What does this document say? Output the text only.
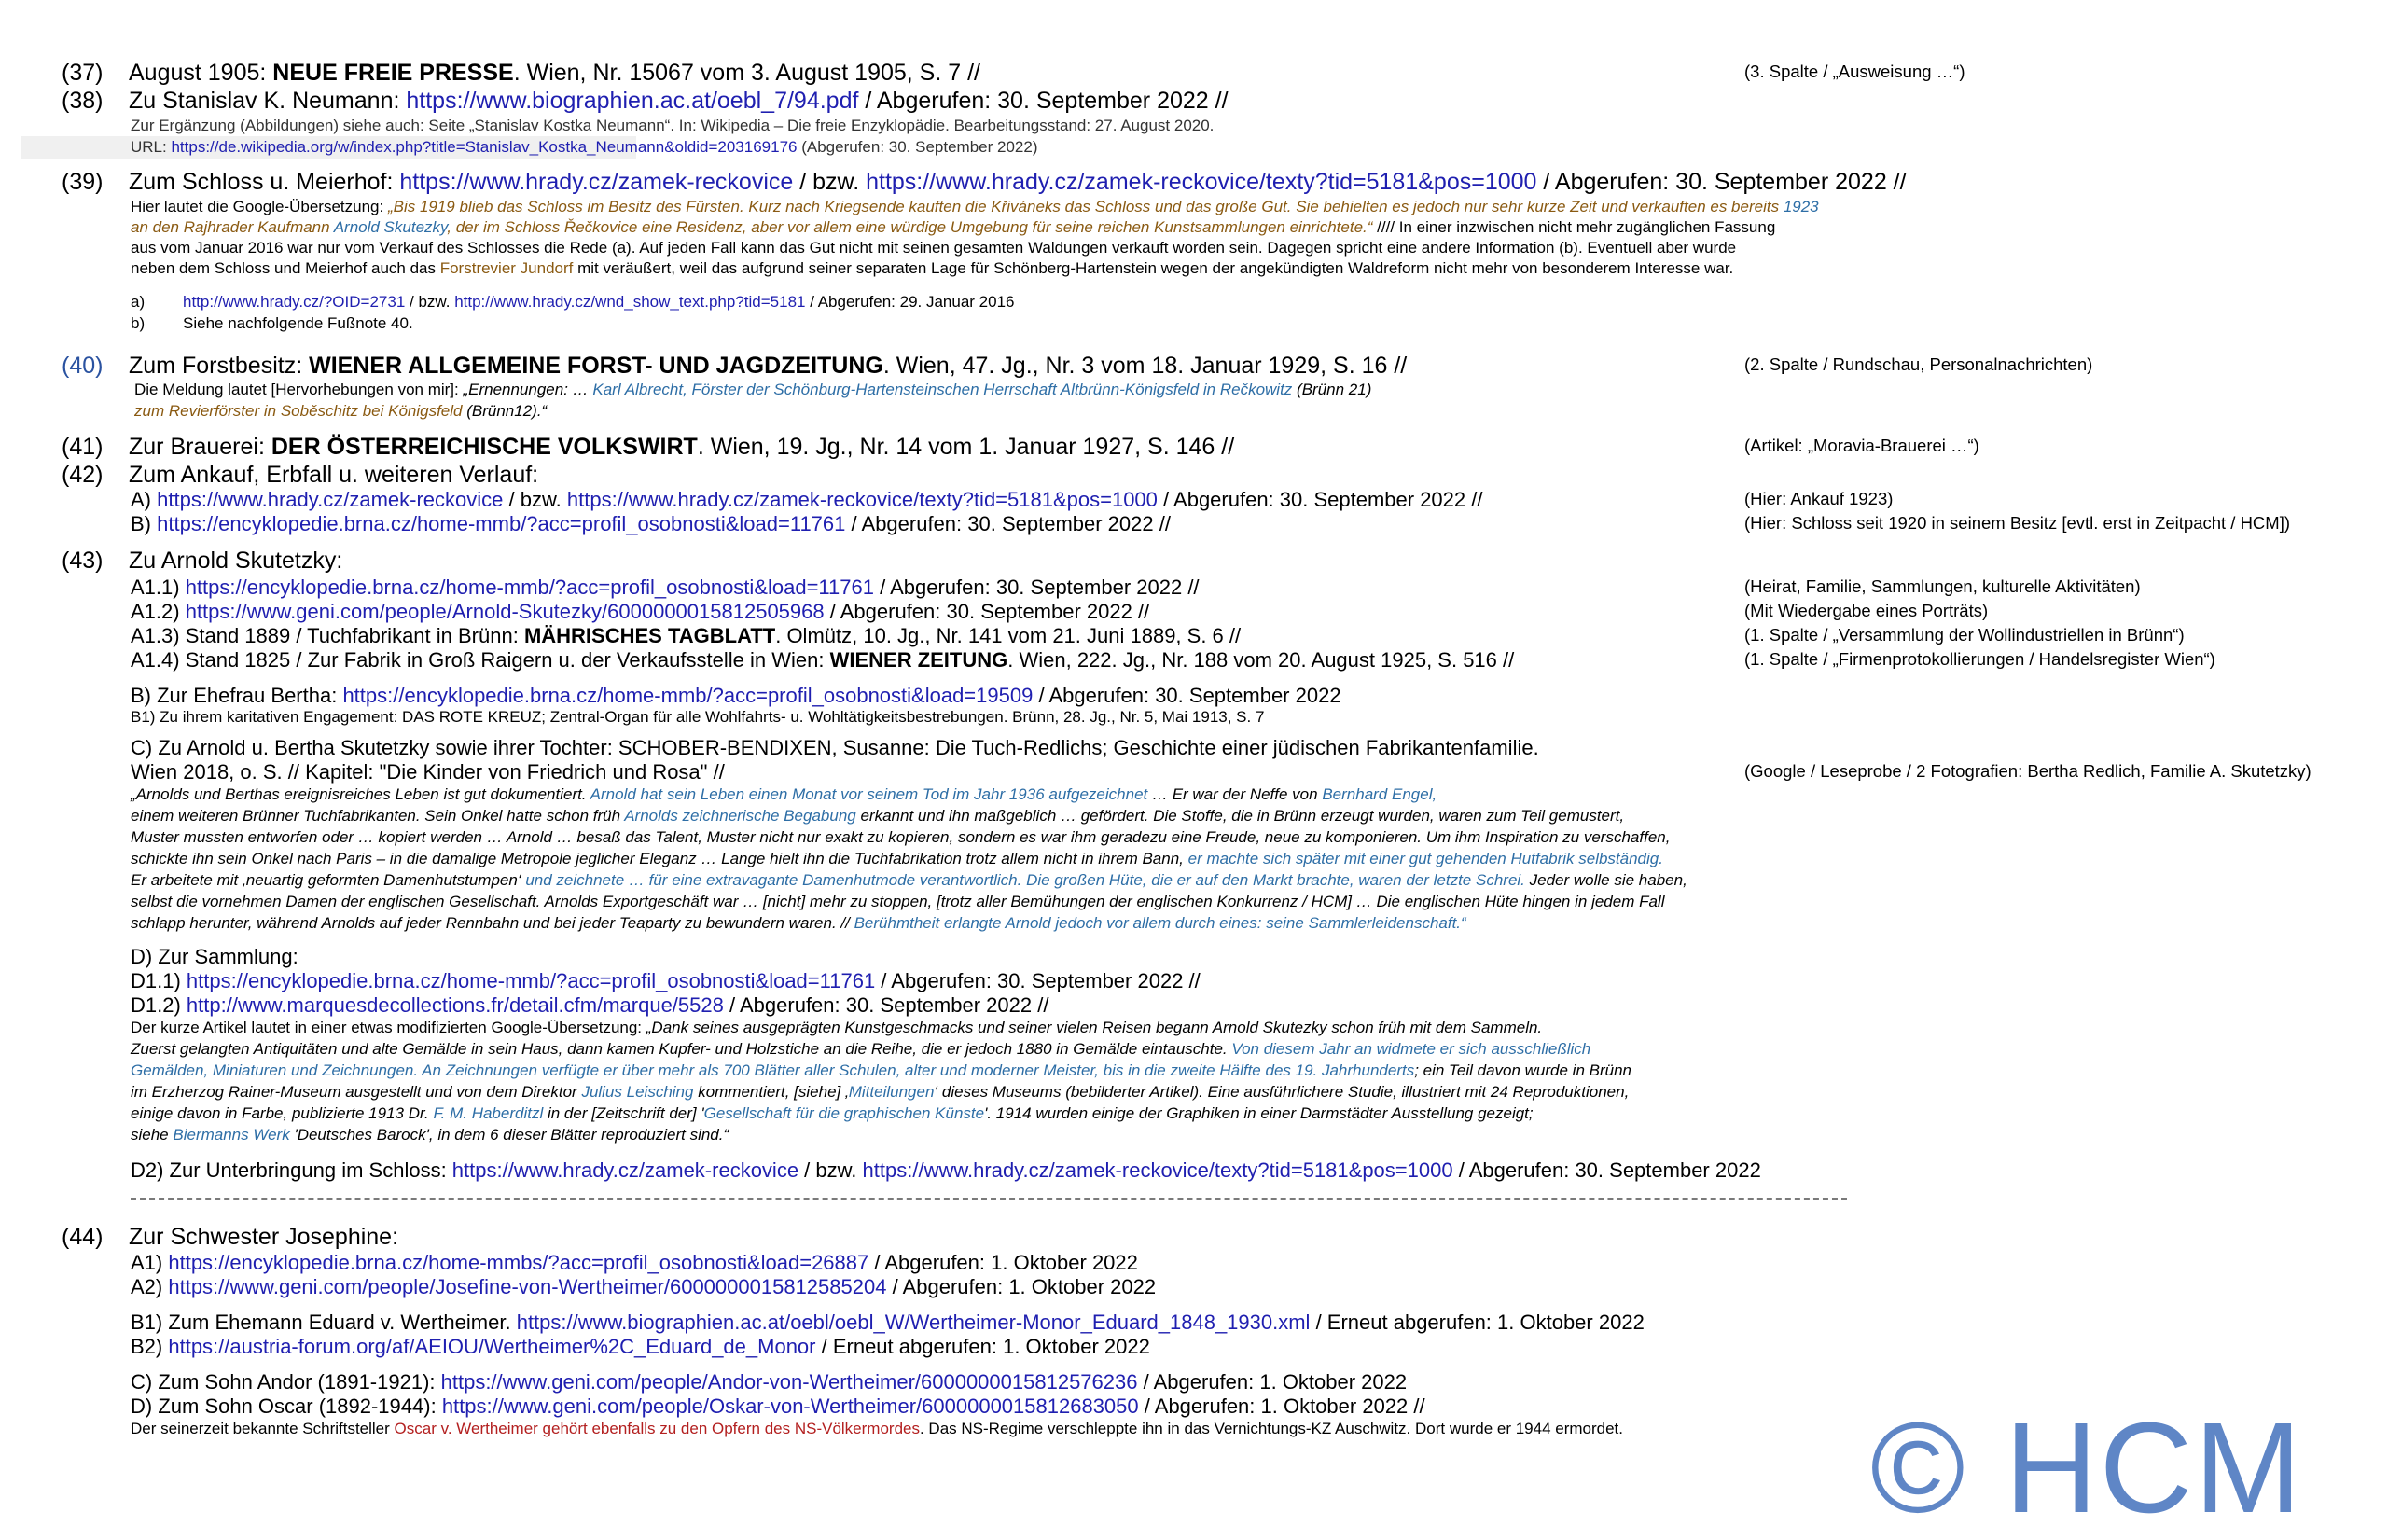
(37) August 1905: NEUE FREIE PRESSE. Wien, Nr. 15067 vom 3. August 1905, S. 7 //	(3. Spalte / „Ausweisung …“)
(38) Zu Stanislav K. Neumann: https://www.biographien.ac.at/oebl_7/94.pdf / Abgerufen: 30. September 2022 //
Zur Ergänzung (Abbildungen) siehe auch: Seite „Stanislav Kostka Neumann“. In: Wikipedia – Die freie Enzyklopädie. Bearbeitungsstand: 27. August 2020.
URL: https://de.wikipedia.org/w/index.php?title=Stanislav_Kostka_Neumann&oldid=203169176 (Abgerufen: 30. September 2022)
(39) Zum Schloss u. Meierhof: https://www.hrady.cz/zamek-reckovice / bzw. https://www.hrady.cz/zamek-reckovice/texty?tid=5181&pos=1000 / Abgerufen: 30. September 2022 //
Hier lautet die Google-Übersetzung: „Bis 1919 blieb das Schloss im Besitz des Fürsten. Kurz nach Kriegsende kauften die Křiváneks das Schloss und das große Gut. Sie behielten es jedoch nur sehr kurze Zeit und verkauften es bereits 1923
an den Rajhrader Kaufmann Arnold Skutezky, der im Schloss Řečkovice eine Residenz, aber vor allem eine würdige Umgebung für seine reichen Kunstsammlungen einrichtete.“ //// In einer inzwischen nicht mehr zugänglichen Fassung
aus vom Januar 2016 war nur vom Verkauf des Schlosses die Rede (a). Auf jeden Fall kann das Gut nicht mit seinen gesamten Waldungen verkauft worden sein. Dagegen spricht eine andere Information (b). Eventuell aber wurde
neben dem Schloss und Meierhof auch das Forstrevier Jundorf mit veräußert, weil das aufgrund seiner separaten Lage für Schönberg-Hartenstein wegen der angekündigten Waldreform nicht mehr von besonderem Interesse war.
a) http://www.hrady.cz/?OID=2731 / bzw. http://www.hrady.cz/wnd_show_text.php?tid=5181 / Abgerufen: 29. Januar 2016
b) Siehe nachfolgende Fußnote 40.
(40) Zum Forstbesitz: WIENER ALLGEMEINE FORST- UND JAGDZEITUNG. Wien, 47. Jg., Nr. 3 vom 18. Januar 1929, S. 16 //	(2. Spalte / Rundschau, Personalnachrichten)
Die Meldung lautet [Hervorhebungen von mir]: „Ernennungen: … Karl Albrecht, Förster der Schönburg-Hartensteinschen Herrschaft Altbrünn-Königsfeld in Rečkowitz (Brünn 21)
zum Revierförster in Soběschitz bei Königsfeld (Brünn12).“
(41) Zur Brauerei: DER ÖSTERREICHISCHE VOLKSWIRT. Wien, 19. Jg., Nr. 14 vom 1. Januar 1927, S. 146 //	(Artikel: „Moravia-Brauerei …“)
(42) Zum Ankauf, Erbfall u. weiteren Verlauf:
A) https://www.hrady.cz/zamek-reckovice / bzw. https://www.hrady.cz/zamek-reckovice/texty?tid=5181&pos=1000 / Abgerufen: 30. September 2022 //	(Hier: Ankauf 1923)
B) https://encyklopedie.brna.cz/home-mmb/?acc=profil_osobnosti&load=11761 / Abgerufen: 30. September 2022 //	(Hier: Schloss seit 1920 in seinem Besitz [evtl. erst in Zeitpacht / HCM])
(43) Zu Arnold Skutetzky:
A1.1) https://encyklopedie.brna.cz/home-mmb/?acc=profil_osobnosti&load=11761 / Abgerufen: 30. September 2022 //	(Heirat, Familie, Sammlungen, kulturelle Aktivitäten)
A1.2) https://www.geni.com/people/Arnold-Skutezky/6000000015812505968 / Abgerufen: 30. September 2022 //	(Mit Wiedergabe eines Porträts)
A1.3) Stand 1889 / Tuchfabrikant in Brünn: MÄHRISCHES TAGBLATT. Olmütz, 10. Jg., Nr. 141 vom 21. Juni 1889, S. 6 //	(1. Spalte / „Versammlung der Wollindustriellen in Brünn“)
A1.4) Stand 1825 / Zur Fabrik in Groß Raigern u. der Verkaufsstelle in Wien: WIENER ZEITUNG. Wien, 222. Jg., Nr. 188 vom 20. August 1925, S. 516 //	(1. Spalte / „Firmenprotokollierungen / Handelsregister Wien“)
B) Zur Ehefrau Bertha: https://encyklopedie.brna.cz/home-mmb/?acc=profil_osobnosti&load=19509 / Abgerufen: 30. September 2022
B1) Zu ihrem karitativen Engagement: DAS ROTE KREUZ; Zentral-Organ für alle Wohlfahrts- u. Wohltätigkeitsbestrebungen. Brünn, 28. Jg., Nr. 5, Mai 1913, S. 7
C) Zu Arnold u. Bertha Skutetzky sowie ihrer Tochter: SCHOBER-BENDIXEN, Susanne: Die Tuch-Redlichs; Geschichte einer jüdischen Fabrikantenfamilie.
Wien 2018, o. S. // Kapitel: "Die Kinder von Friedrich und Rosa" //	(Google / Leseprobe / 2 Fotografien: Bertha Redlich, Familie A. Skutetzky)
„Arnolds und Berthas ereignisreiches Leben ist gut dokumentiert. Arnold hat sein Leben einen Monat vor seinem Tod im Jahr 1936 aufgezeichnet … Er war der Neffe von Bernhard Engel,
einem weiteren Brünner Tuchfabrikanten. Sein Onkel hatte schon früh Arnolds zeichnerische Begabung erkannt und ihn maßgeblich … gefördert. Die Stoffe, die in Brünn erzeugt wurden, waren zum Teil gemustert,
Muster mussten entworfen oder … kopiert werden … Arnold … besaß das Talent, Muster nicht nur exakt zu kopieren, sondern es war ihm geradezu eine Freude, neue zu komponieren. Um ihm Inspiration zu verschaffen,
schickte ihn sein Onkel nach Paris – in die damalige Metropole jeglicher Eleganz … Lange hielt ihn die Tuchfabrikation trotz allem nicht in ihrem Bann, er machte sich später mit einer gut gehenden Hutfabrik selbständig.
Er arbeitete mit ‚neuartig geformten Damenhutstumpen‘ und zeichnete … für eine extravagante Damenhutmode verantwortlich. Die großen Hüte, die er auf den Markt brachte, waren der letzte Schrei. Jeder wolle sie haben,
selbst die vornehmen Damen der englischen Gesellschaft. Arnolds Exportgeschäft war … [nicht] mehr zu stoppen, [trotz aller Bemühungen der englischen Konkurrenz / HCM] … Die englischen Hüte hingen in jedem Fall
schlapp herunter, während Arnolds auf jeder Rennbahn und bei jeder Teaparty zu bewundern waren. // Berühmtheit erlangte Arnold jedoch vor allem durch eines: seine Sammlerleidenschaft.“
D) Zur Sammlung:
D1.1) https://encyklopedie.brna.cz/home-mmb/?acc=profil_osobnosti&load=11761 / Abgerufen: 30. September 2022 //
D1.2) http://www.marquesdecollections.fr/detail.cfm/marque/5528 / Abgerufen: 30. September 2022 //
Der kurze Artikel lautet in einer etwas modifizierten Google-Übersetzung: „Dank seines ausgeprägten Kunstgeschmacks und seiner vielen Reisen begann Arnold Skutezky schon früh mit dem Sammeln.
Zuerst gelangten Antiquitäten und alte Gemälde in sein Haus, dann kamen Kupfer- und Holzstiche an die Reihe, die er jedoch 1880 in Gemälde eintauschte. Von diesem Jahr an widmete er sich ausschließlich
Gemälden, Miniaturen und Zeichnungen. An Zeichnungen verfügte er über mehr als 700 Blätter aller Schulen, alter und moderner Meister, bis in die zweite Hälfte des 19. Jahrhunderts; ein Teil davon wurde in Brünn
im Erzherzog Rainer-Museum ausgestellt und von dem Direktor Julius Leisching kommentiert, [siehe] ‚Mitteilungen‘ dieses Museums (bebilderter Artikel). Eine ausführlichere Studie, illustriert mit 24 Reproduktionen,
einige davon in Farbe, publizierte 1913 Dr. F. M. Haberditzl in der [Zeitschrift der] 'Gesellschaft für die graphischen Künste'. 1914 wurden einige der Graphiken in einer Darmstädter Ausstellung gezeigt;
siehe Biermanns Werk 'Deutsches Barock', in dem 6 dieser Blätter reproduziert sind.“
D2) Zur Unterbringung im Schloss: https://www.hrady.cz/zamek-reckovice / bzw. https://www.hrady.cz/zamek-reckovice/texty?tid=5181&pos=1000 / Abgerufen: 30. September 2022
(44) Zur Schwester Josephine:
A1) https://encyklopedie.brna.cz/home-mmbs/?acc=profil_osobnosti&load=26887 / Abgerufen: 1. Oktober 2022
A2) https://www.geni.com/people/Josefine-von-Wertheimer/6000000015812585204 / Abgerufen: 1. Oktober 2022
B1) Zum Ehemann Eduard v. Wertheimer. https://www.biographien.ac.at/oebl/oebl_W/Wertheimer-Monor_Eduard_1848_1930.xml / Erneut abgerufen: 1. Oktober 2022
B2) https://austria-forum.org/af/AEIOU/Wertheimer%2C_Eduard_de_Monor / Erneut abgerufen: 1. Oktober 2022
C) Zum Sohn Andor (1891-1921): https://www.geni.com/people/Andor-von-Wertheimer/6000000015812576236 / Abgerufen: 1. Oktober 2022
D) Zum Sohn Oscar (1892-1944): https://www.geni.com/people/Oskar-von-Wertheimer/6000000015812683050 / Abgerufen: 1. Oktober 2022 //
Der seinerzeit bekannte Schriftsteller Oscar v. Wertheimer gehört ebenfalls zu den Opfern des NS-Völkermordes. Das NS-Regime verschleppte ihn in das Vernichtungs-KZ Auschwitz. Dort wurde er 1944 ermordet. © HCM
